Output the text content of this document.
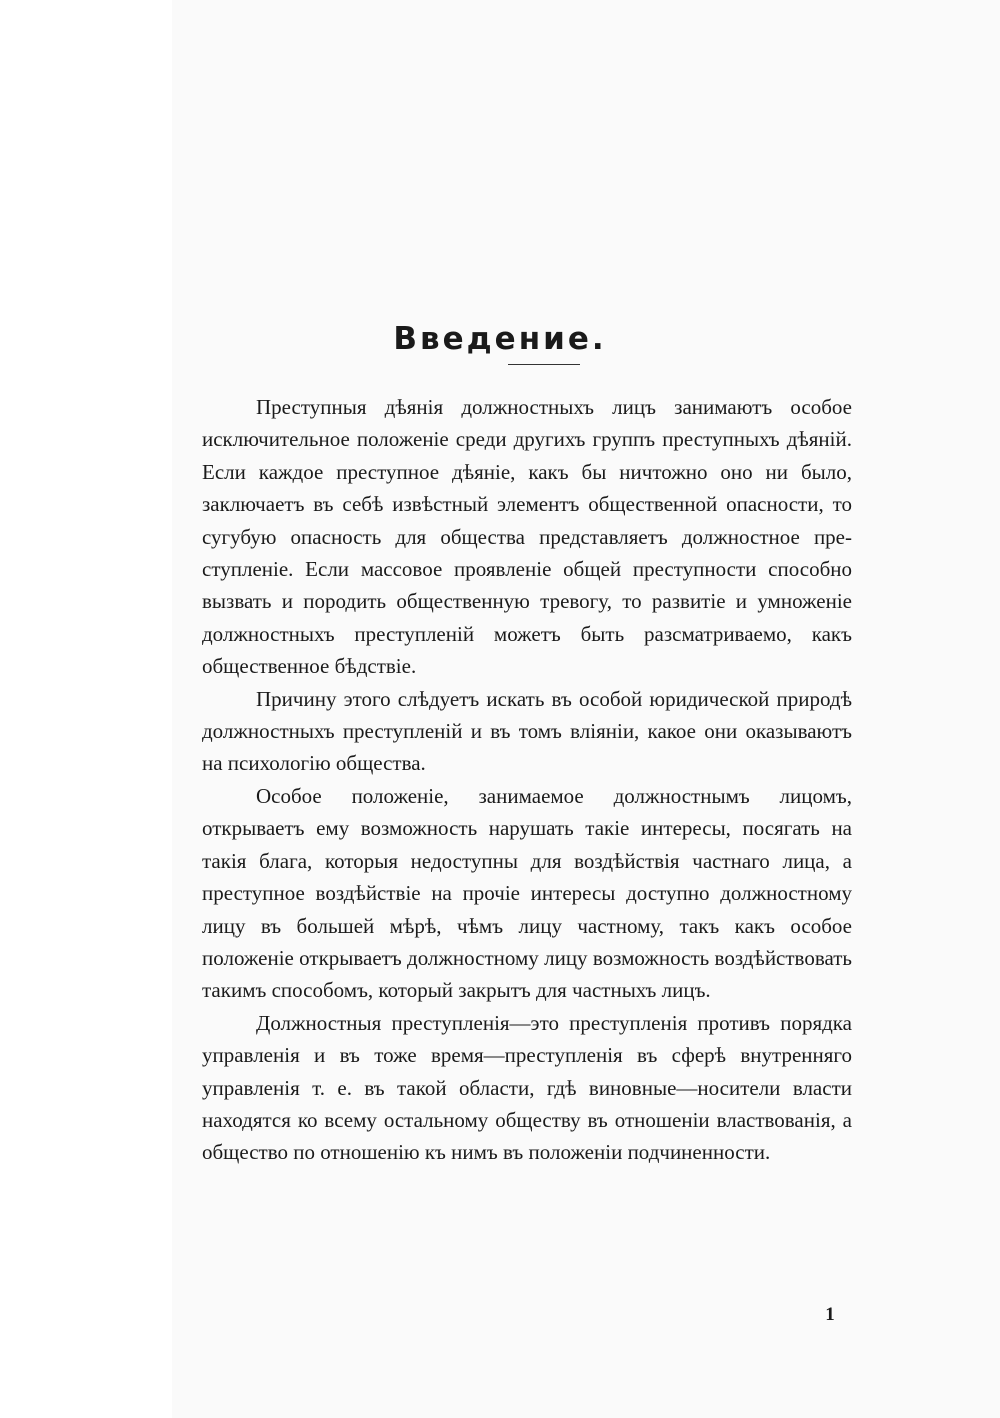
Введение.

Преступныя дѣянія должностныхъ лицъ занимаютъ особое исключительное положеніе среди другихъ группъ преступныхъ дѣяній. Если каждое преступное дѣяніе, какъ бы ничтожно оно ни было, заключаетъ въ себѣ извѣстный элементъ общественной опасности, то сугубую опасность для общества представляетъ должностное преступленіе. Если массовое проявленіе общей преступности способно вызвать и породить общественную тревогу, то развитіе и умноженіе должностныхъ преступленій можетъ быть разсматриваемо, какъ общественное бѣдствіе.

Причину этого слѣдуетъ искать въ особой юридической природѣ должностныхъ преступленій и въ томъ вліяніи, какое они оказываютъ на психологію общества.

Особое положеніе, занимаемое должностнымъ лицомъ, открываетъ ему возможность нарушать такіе интересы, посягать на такія блага, которыя недоступны для воздѣйствія частнаго лица, а преступное воздѣйствіе на прочіе интересы доступно должностному лицу въ большей мѣрѣ, чѣмъ лицу частному, такъ какъ особое положеніе открываетъ должностному лицу возможность воздѣйствовать такимъ способомъ, который закрытъ для частныхъ лицъ.

Должностныя преступленія—это преступленія противъ порядка управленія и въ тоже время—преступленія въ сферѣ внутренняго управленія т. е. въ такой области, гдѣ виновные—носители власти находятся ко всему остальному обществу въ отношеніи властвованія, а общество по отношенію къ нимъ въ положеніи подчиненности.

1
